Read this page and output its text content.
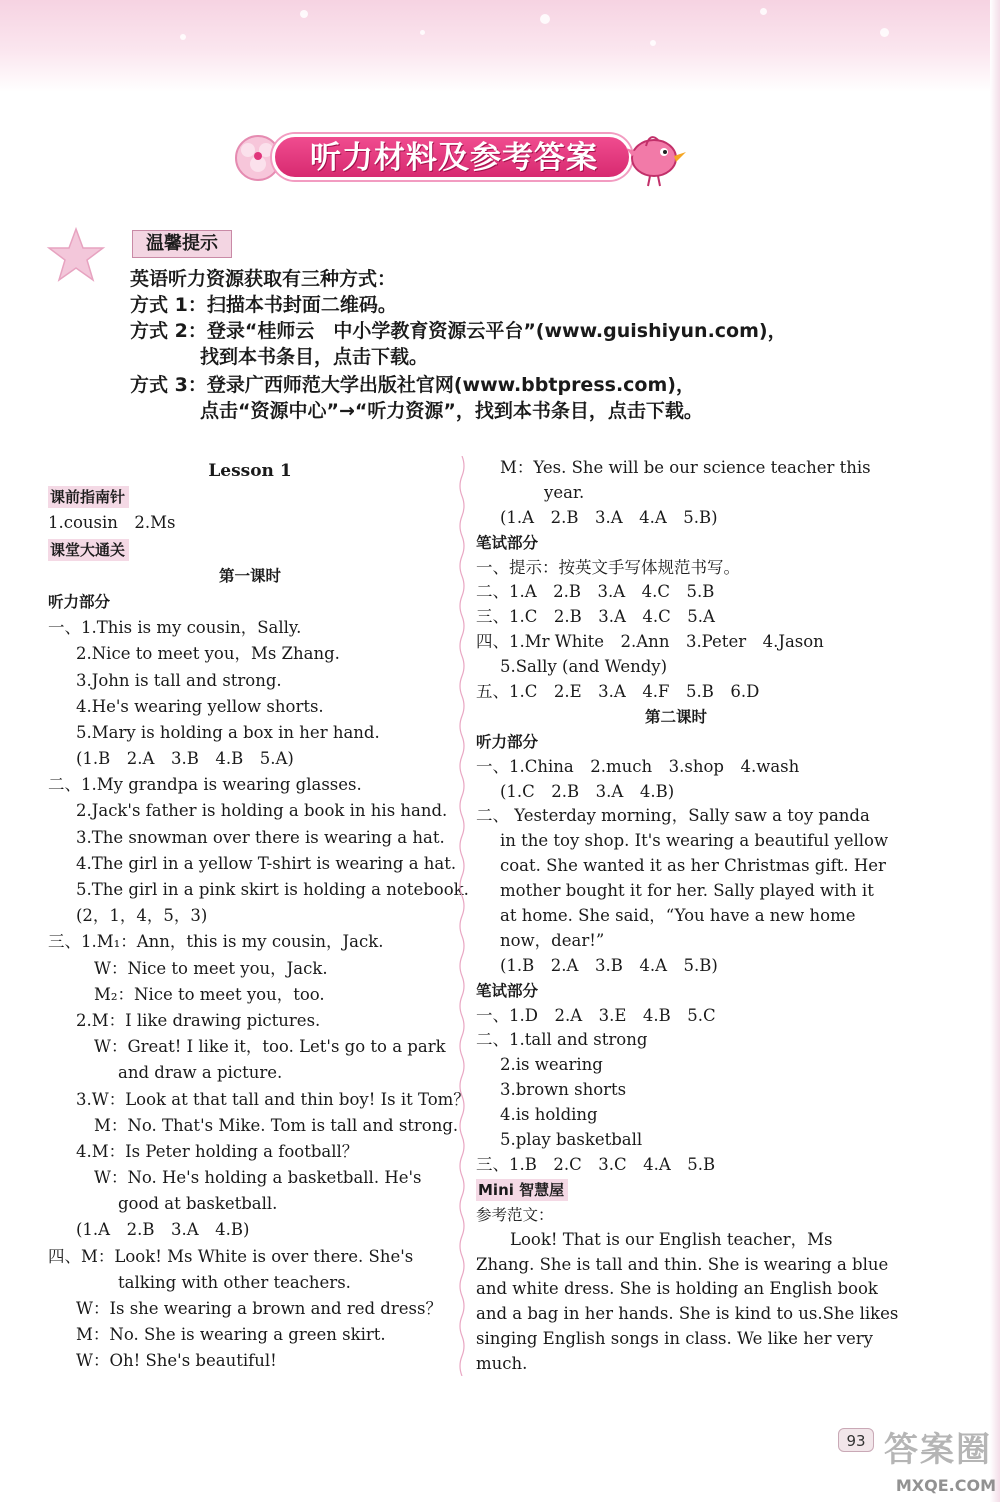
听力材料及参考答案
温馨提示
英语听力资源获取有三种方式：
方式 1：扫描本书封面二维码。
方式 2：登录“桂师云　中小学教育资源云平台”(www.guishiyun.com)，
找到本书条目，点击下载。
方式 3：登录广西师范大学出版社官网(www.bbtpress.com)，
点击“资源中心”→“听力资源”，找到本书条目，点击下载。
Lesson 1
课前指南针
1.cousin　2.Ms
课堂大通关
第一课时
听力部分
一、1.This is my cousin，Sally.
2.Nice to meet you，Ms Zhang.
3.John is tall and strong.
4.He's wearing yellow shorts.
5.Mary is holding a box in her hand.
(1.B　2.A　3.B　4.B　5.A)
二、1.My grandpa is wearing glasses.
2.Jack's father is holding a book in his hand.
3.The snowman over there is wearing a hat.
4.The girl in a yellow T-shirt is wearing a hat.
5.The girl in a pink skirt is holding a notebook.
(2，1，4，5，3)
三、1.M₁：Ann，this is my cousin，Jack.
W：Nice to meet you，Jack.
M₂：Nice to meet you，too.
2.M：I like drawing pictures.
W：Great! I like it，too. Let's go to a park
and draw a picture.
3.W：Look at that tall and thin boy! Is it Tom？
M：No. That's Mike. Tom is tall and strong.
4.M：Is Peter holding a football？
W：No. He's holding a basketball. He's
good at basketball.
(1.A　2.B　3.A　4.B)
四、M：Look! Ms White is over there. She's
talking with other teachers.
W：Is she wearing a brown and red dress？
M：No. She is wearing a green skirt.
W：Oh! She's beautiful!
M：Yes. She will be our science teacher this
year.
(1.A　2.B　3.A　4.A　5.B)
笔试部分
一、提示：按英文手写体规范书写。
二、1.A　2.B　3.A　4.C　5.B
三、1.C　2.B　3.A　4.C　5.A
四、1.Mr White　2.Ann　3.Peter　4.Jason
5.Sally (and Wendy)
五、1.C　2.E　3.A　4.F　5.B　6.D
第二课时
听力部分
一、1.China　2.much　3.shop　4.wash
(1.C　2.B　3.A　4.B)
二、 Yesterday morning，Sally saw a toy panda
in the toy shop. It's wearing a beautiful yellow
coat. She wanted it as her Christmas gift. Her
mother bought it for her. Sally played with it
at home. She said，“You have a new home
now，dear!”
(1.B　2.A　3.B　4.A　5.B)
笔试部分
一、1.D　2.A　3.E　4.B　5.C
二、1.tall and strong
2.is wearing
3.brown shorts
4.is holding
5.play basketball
三、1.B　2.C　3.C　4.A　5.B
Mini 智慧屋
参考范文：
Look! That is our English teacher，Ms
Zhang. She is tall and thin. She is wearing a blue
and white dress. She is holding an English book
and a bag in her hands. She is kind to us.She likes
singing English songs in class. We like her very
much.
93 答案圈
MXQE.COM
